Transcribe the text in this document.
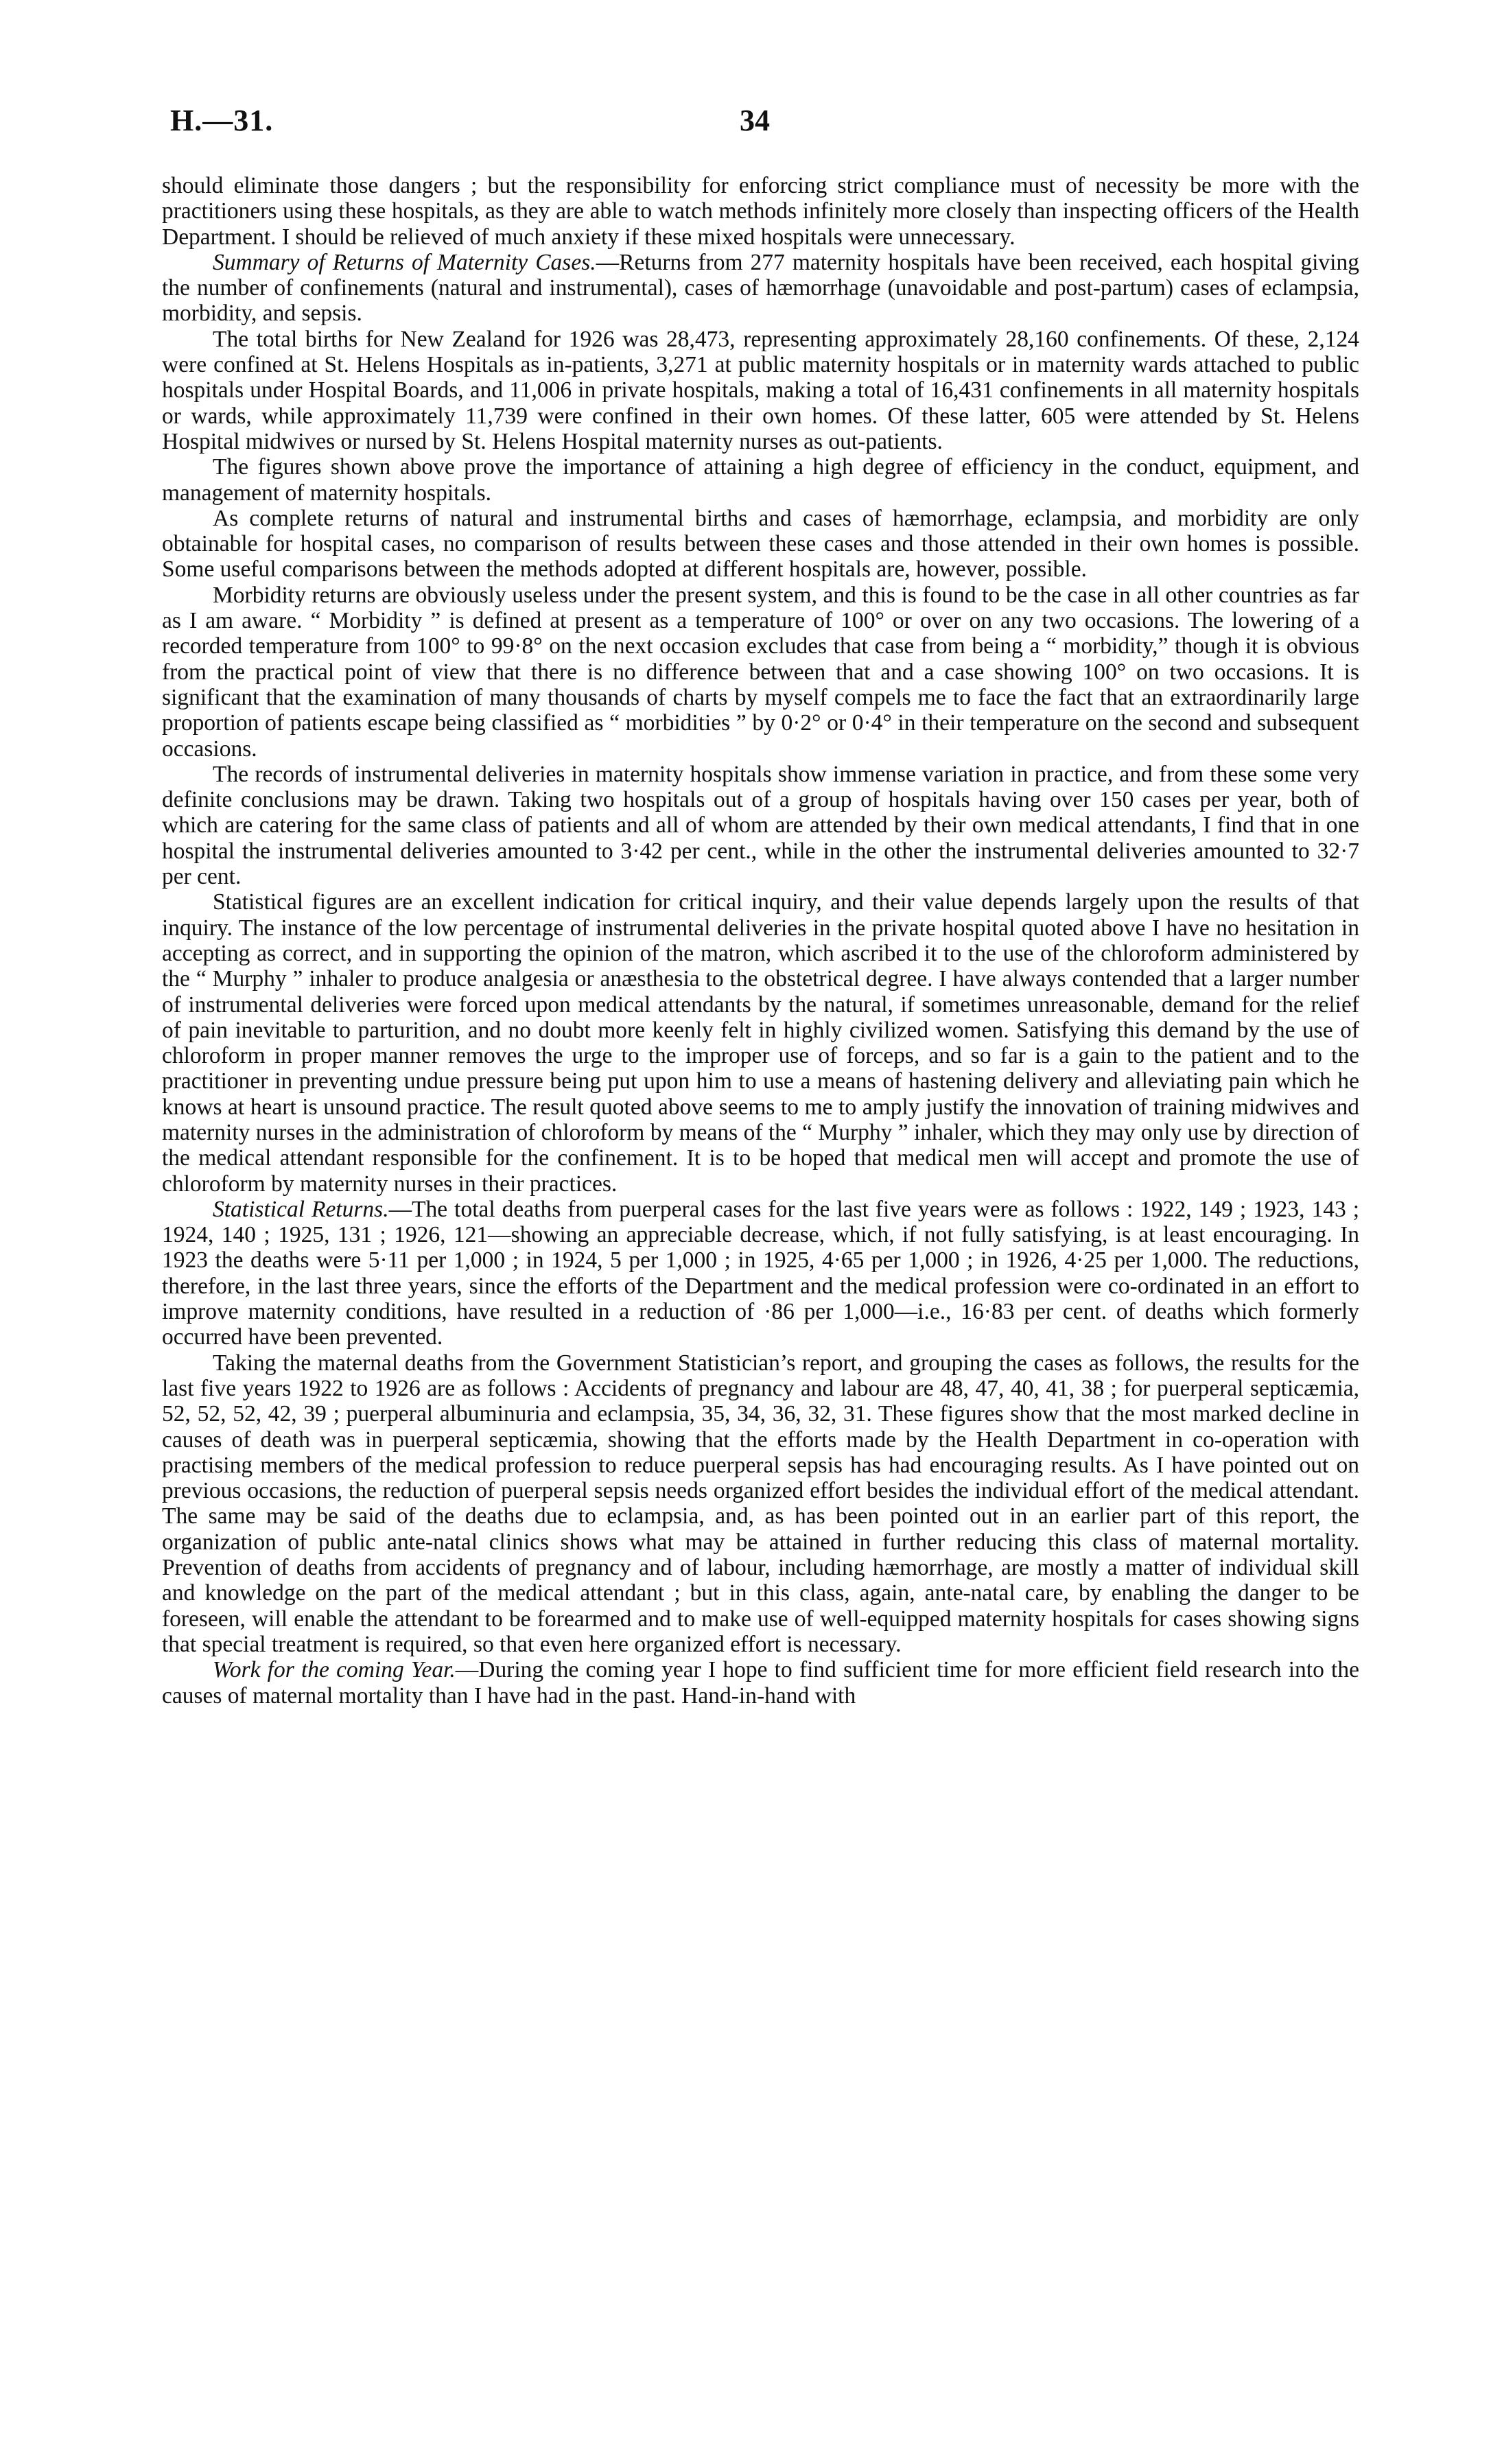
H.—31.	34

should eliminate those dangers ; but the responsibility for enforcing strict compliance must of necessity be more with the practitioners using these hospitals, as they are able to watch methods infinitely more closely than inspecting officers of the Health Department. I should be relieved of much anxiety if these mixed hospitals were unnecessary.

Summary of Returns of Maternity Cases.—Returns from 277 maternity hospitals have been received, each hospital giving the number of confinements (natural and instrumental), cases of hæmorrhage (unavoidable and post-partum) cases of eclampsia, morbidity, and sepsis.

The total births for New Zealand for 1926 was 28,473, representing approximately 28,160 confinements. Of these, 2,124 were confined at St. Helens Hospitals as in-patients, 3,271 at public maternity hospitals or in maternity wards attached to public hospitals under Hospital Boards, and 11,006 in private hospitals, making a total of 16,431 confinements in all maternity hospitals or wards, while approximately 11,739 were confined in their own homes. Of these latter, 605 were attended by St. Helens Hospital midwives or nursed by St. Helens Hospital maternity nurses as out-patients.

The figures shown above prove the importance of attaining a high degree of efficiency in the conduct, equipment, and management of maternity hospitals.

As complete returns of natural and instrumental births and cases of hæmorrhage, eclampsia, and morbidity are only obtainable for hospital cases, no comparison of results between these cases and those attended in their own homes is possible. Some useful comparisons between the methods adopted at different hospitals are, however, possible.

Morbidity returns are obviously useless under the present system, and this is found to be the case in all other countries as far as I am aware. “ Morbidity ” is defined at present as a temperature of 100° or over on any two occasions. The lowering of a recorded temperature from 100° to 99·8° on the next occasion excludes that case from being a “ morbidity,” though it is obvious from the practical point of view that there is no difference between that and a case showing 100° on two occasions. It is significant that the examination of many thousands of charts by myself compels me to face the fact that an extraordinarily large proportion of patients escape being classified as “ morbidities ” by 0·2° or 0·4° in their temperature on the second and subsequent occasions.

The records of instrumental deliveries in maternity hospitals show immense variation in practice, and from these some very definite conclusions may be drawn. Taking two hospitals out of a group of hospitals having over 150 cases per year, both of which are catering for the same class of patients and all of whom are attended by their own medical attendants, I find that in one hospital the instrumental deliveries amounted to 3·42 per cent., while in the other the instrumental deliveries amounted to 32·7 per cent.

Statistical figures are an excellent indication for critical inquiry, and their value depends largely upon the results of that inquiry. The instance of the low percentage of instrumental deliveries in the private hospital quoted above I have no hesitation in accepting as correct, and in supporting the opinion of the matron, which ascribed it to the use of the chloroform administered by the “ Murphy ” inhaler to produce analgesia or anæsthesia to the obstetrical degree. I have always contended that a larger number of instrumental deliveries were forced upon medical attendants by the natural, if sometimes unreasonable, demand for the relief of pain inevitable to parturition, and no doubt more keenly felt in highly civilized women. Satisfying this demand by the use of chloroform in proper manner removes the urge to the improper use of forceps, and so far is a gain to the patient and to the practitioner in preventing undue pressure being put upon him to use a means of hastening delivery and alleviating pain which he knows at heart is unsound practice. The result quoted above seems to me to amply justify the innovation of training midwives and maternity nurses in the administration of chloroform by means of the “ Murphy ” inhaler, which they may only use by direction of the medical attendant responsible for the confinement. It is to be hoped that medical men will accept and promote the use of chloroform by maternity nurses in their practices.

Statistical Returns.—The total deaths from puerperal cases for the last five years were as follows : 1922, 149 ; 1923, 143 ; 1924, 140 ; 1925, 131 ; 1926, 121—showing an appreciable decrease, which, if not fully satisfying, is at least encouraging. In 1923 the deaths were 5·11 per 1,000 ; in 1924, 5 per 1,000 ; in 1925, 4·65 per 1,000 ; in 1926, 4·25 per 1,000. The reductions, therefore, in the last three years, since the efforts of the Department and the medical profession were co-ordinated in an effort to improve maternity conditions, have resulted in a reduction of ·86 per 1,000—i.e., 16·83 per cent. of deaths which formerly occurred have been prevented.

Taking the maternal deaths from the Government Statistician’s report, and grouping the cases as follows, the results for the last five years 1922 to 1926 are as follows : Accidents of pregnancy and labour are 48, 47, 40, 41, 38 ; for puerperal septicæmia, 52, 52, 52, 42, 39 ; puerperal albuminuria and eclampsia, 35, 34, 36, 32, 31. These figures show that the most marked decline in causes of death was in puerperal septicæmia, showing that the efforts made by the Health Department in co-operation with practising members of the medical profession to reduce puerperal sepsis has had encouraging results. As I have pointed out on previous occasions, the reduction of puerperal sepsis needs organized effort besides the individual effort of the medical attendant. The same may be said of the deaths due to eclampsia, and, as has been pointed out in an earlier part of this report, the organization of public ante-natal clinics shows what may be attained in further reducing this class of maternal mortality. Prevention of deaths from accidents of pregnancy and of labour, including hæmorrhage, are mostly a matter of individual skill and knowledge on the part of the medical attendant ; but in this class, again, ante-natal care, by enabling the danger to be foreseen, will enable the attendant to be forearmed and to make use of well-equipped maternity hospitals for cases showing signs that special treatment is required, so that even here organized effort is necessary.

Work for the coming Year.—During the coming year I hope to find sufficient time for more efficient field research into the causes of maternal mortality than I have had in the past. Hand-in-hand with
